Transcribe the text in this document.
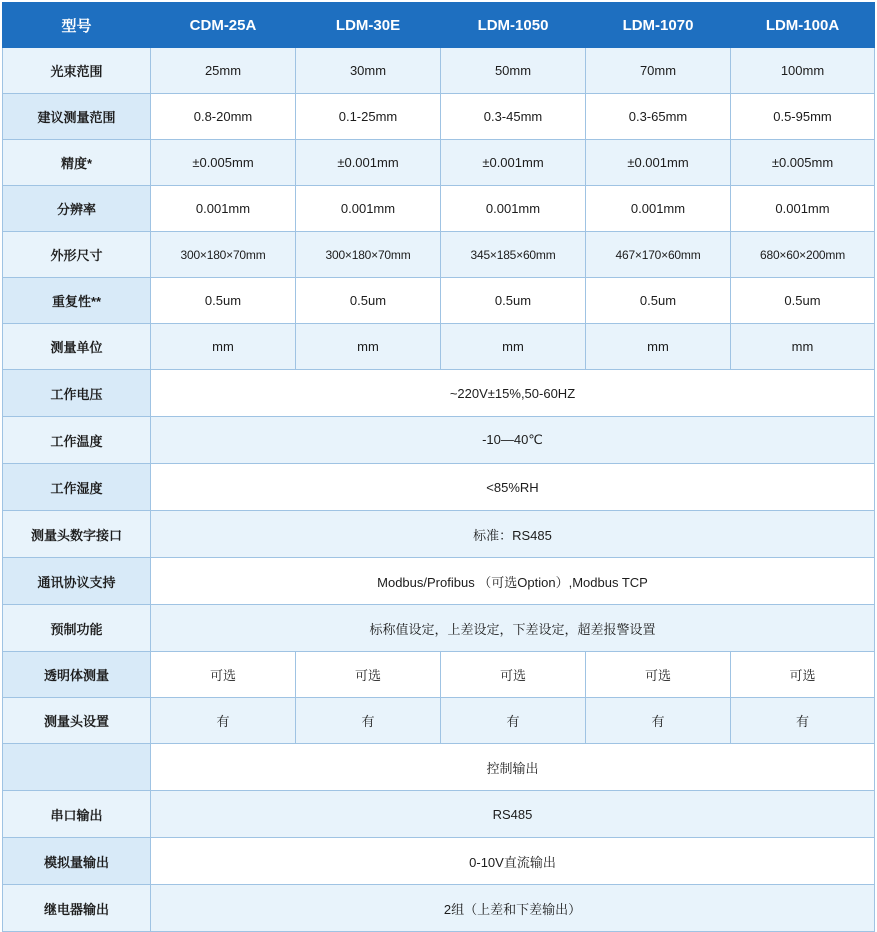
型号	CDM-25A	LDM-30E	LDM-1050	LDM-1070	LDM-100A
光束范围	25mm	30mm	50mm	70mm	100mm
建议测量范围	0.8-20mm	0.1-25mm	0.3-45mm	0.3-65mm	0.5-95mm
精度*	±0.005mm	±0.001mm	±0.001mm	±0.001mm	±0.005mm
分辨率	0.001mm	0.001mm	0.001mm	0.001mm	0.001mm
外形尺寸	300×180×70mm	300×180×70mm	345×185×60mm	467×170×60mm	680×60×200mm
重复性**	0.5um	0.5um	0.5um	0.5um	0.5um
测量单位	mm	mm	mm	mm	mm
工作电压	~220V±15%,50-60HZ				
工作温度	-10—40℃				
工作湿度	<85%RH				
测量头数字接口	标准：RS485				
通讯协议支持	Modbus/Profibus （可选Option）,Modbus TCP				
预制功能	标称值设定，上差设定，下差设定，超差报警设置				
透明体测量	可选	可选	可选	可选	可选
测量头设置	有	有	有	有	有
	控制输出				
串口输出	RS485				
模拟量输出	0-10V直流输出				
继电器输出	2组（上差和下差输出）				
